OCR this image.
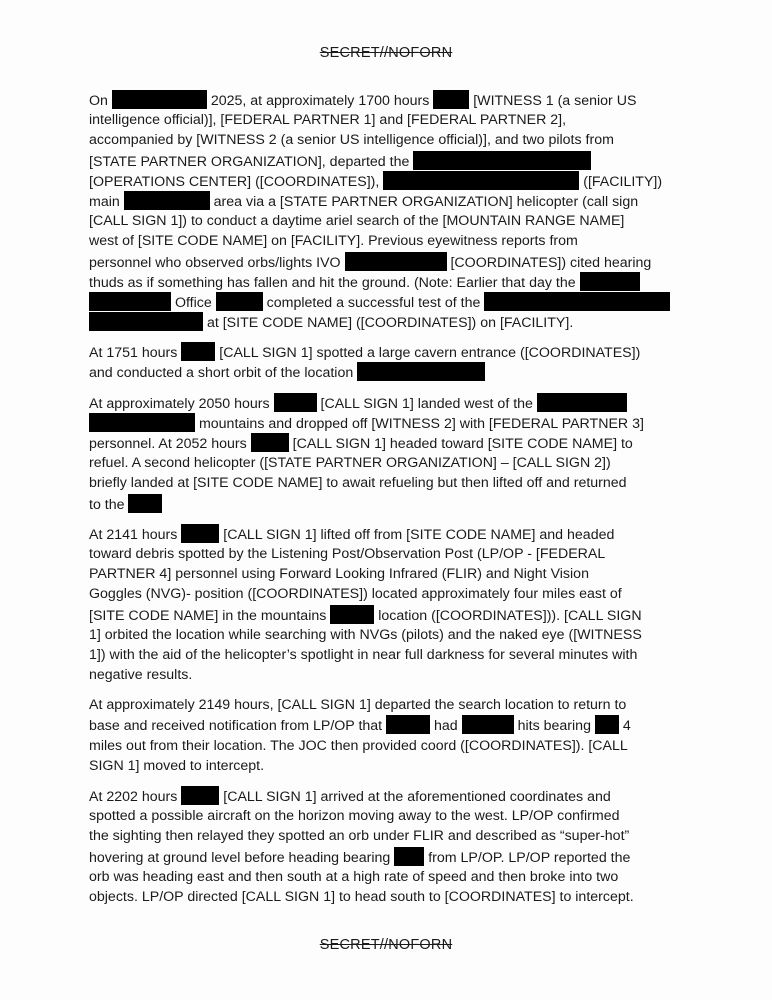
SECRET//NOFORN
On	2025, at approximately 1700 hours	[WITNESS 1 (a senior US
intelligence official)], [FEDERAL PARTNER 1] and [FEDERAL PARTNER 2],
accompanied by [WITNESS 2 (a senior US intelligence official)], and two pilots from
[STATE PARTNER ORGANIZATION], departed the
[OPERATIONS CENTER] ([COORDINATES]),	([FACILITY])
main	area via a [STATE PARTNER ORGANIZATION] helicopter (call sign
[CALL SIGN 1]) to conduct a daytime ariel search of the [MOUNTAIN RANGE NAME]
west of [SITE CODE NAME] on [FACILITY]. Previous eyewitness reports from
personnel who observed orbs/lights IVO	[COORDINATES]) cited hearing
thuds as if something has fallen and hit the ground. (Note: Earlier that day the
Office	completed a successful test of the
at [SITE CODE NAME] ([COORDINATES]) on [FACILITY].
At 1751 hours	[CALL SIGN 1] spotted a large cavern entrance ([COORDINATES])
and conducted a short orbit of the location
At approximately 2050 hours	[CALL SIGN 1] landed west of the
mountains and dropped off [WITNESS 2] with [FEDERAL PARTNER 3]
personnel. At 2052 hours	[CALL SIGN 1] headed toward [SITE CODE NAME] to
refuel. A second helicopter ([STATE PARTNER ORGANIZATION] – [CALL SIGN 2])
briefly landed at [SITE CODE NAME] to await refueling but then lifted off and returned
to the
At 2141 hours	[CALL SIGN 1] lifted off from [SITE CODE NAME] and headed
toward debris spotted by the Listening Post/Observation Post (LP/OP - [FEDERAL
PARTNER 4] personnel using Forward Looking Infrared (FLIR) and Night Vision
Goggles (NVG)- position ([COORDINATES]) located approximately four miles east of
[SITE CODE NAME] in the mountains	location ([COORDINATES])). [CALL SIGN
1] orbited the location while searching with NVGs (pilots) and the naked eye ([WITNESS
1]) with the aid of the helicopter’s spotlight in near full darkness for several minutes with
negative results.
At approximately 2149 hours, [CALL SIGN 1] departed the search location to return to
base and received notification from LP/OP that	had	hits bearing 4
miles out from their location. The JOC then provided coord ([COORDINATES]). [CALL
SIGN 1] moved to intercept.
At 2202 hours	[CALL SIGN 1] arrived at the aforementioned coordinates and
spotted a possible aircraft on the horizon moving away to the west. LP/OP confirmed
the sighting then relayed they spotted an orb under FLIR and described as “super-hot”
hovering at ground level before heading bearing	from LP/OP. LP/OP reported the
orb was heading east and then south at a high rate of speed and then broke into two
objects. LP/OP directed [CALL SIGN 1] to head south to [COORDINATES] to intercept.
SECRET//NOFORN
